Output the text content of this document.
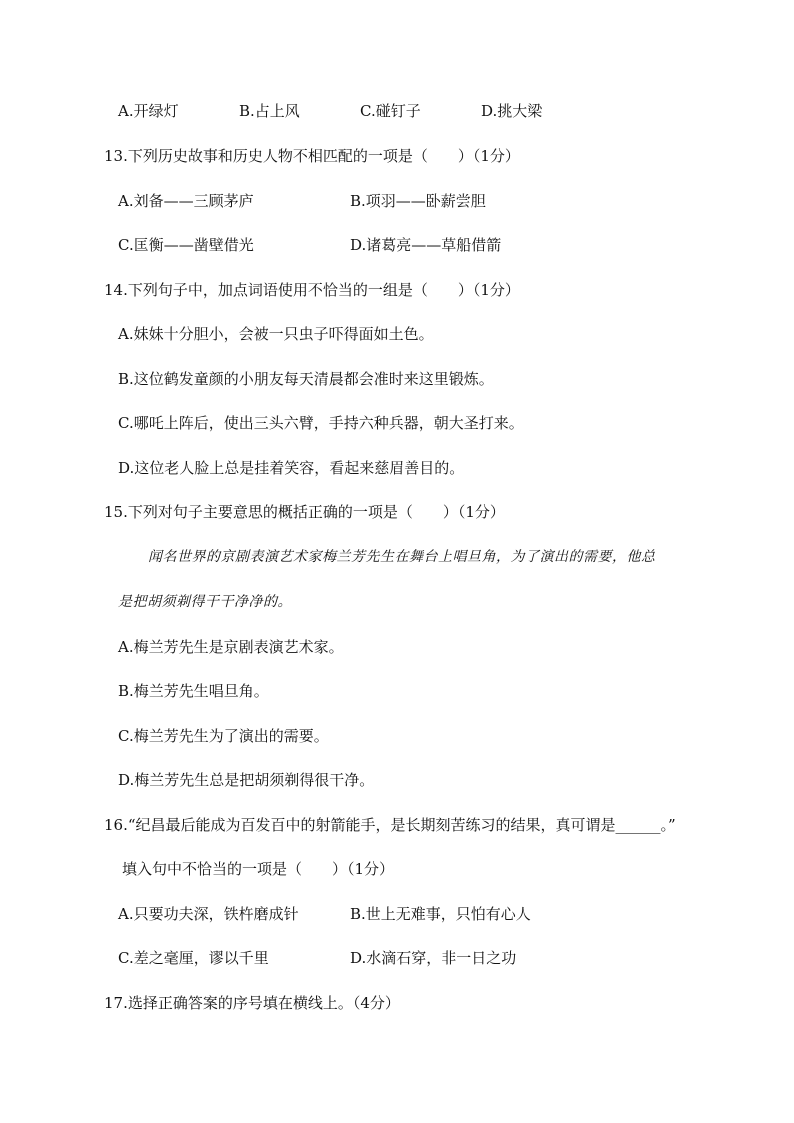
A.开绿灯	B.占上风	C.碰钉子	D.挑大梁
13.下列历史故事和历史人物不相匹配的一项是（　　）（1分）
A.刘备——三顾茅庐	B.项羽——卧薪尝胆
C.匡衡——凿壁借光	D.诸葛亮——草船借箭
14.下列句子中，加点词语使用不恰当的一组是（　　）（1分）
A.妹妹十分胆小，会被一只虫子吓得面如土色。
B.这位鹤发童颜的小朋友每天清晨都会准时来这里锻炼。
C.哪吒上阵后，使出三头六臂，手持六种兵器，朝大圣打来。
D.这位老人脸上总是挂着笑容，看起来慈眉善目的。
15.下列对句子主要意思的概括正确的一项是（　　）（1分）
闻名世界的京剧表演艺术家梅兰芳先生在舞台上唱旦角，为了演出的需要，他总
是把胡须剃得干干净净的。
A.梅兰芳先生是京剧表演艺术家。
B.梅兰芳先生唱旦角。
C.梅兰芳先生为了演出的需要。
D.梅兰芳先生总是把胡须剃得很干净。
16.“纪昌最后能成为百发百中的射箭能手，是长期刻苦练习的结果，真可谓是______。”
填入句中不恰当的一项是（　　）（1分）
A.只要功夫深，铁杵磨成针	B.世上无难事，只怕有心人
C.差之毫厘，谬以千里	D.水滴石穿，非一日之功
17.选择正确答案的序号填在横线上。（4分）
